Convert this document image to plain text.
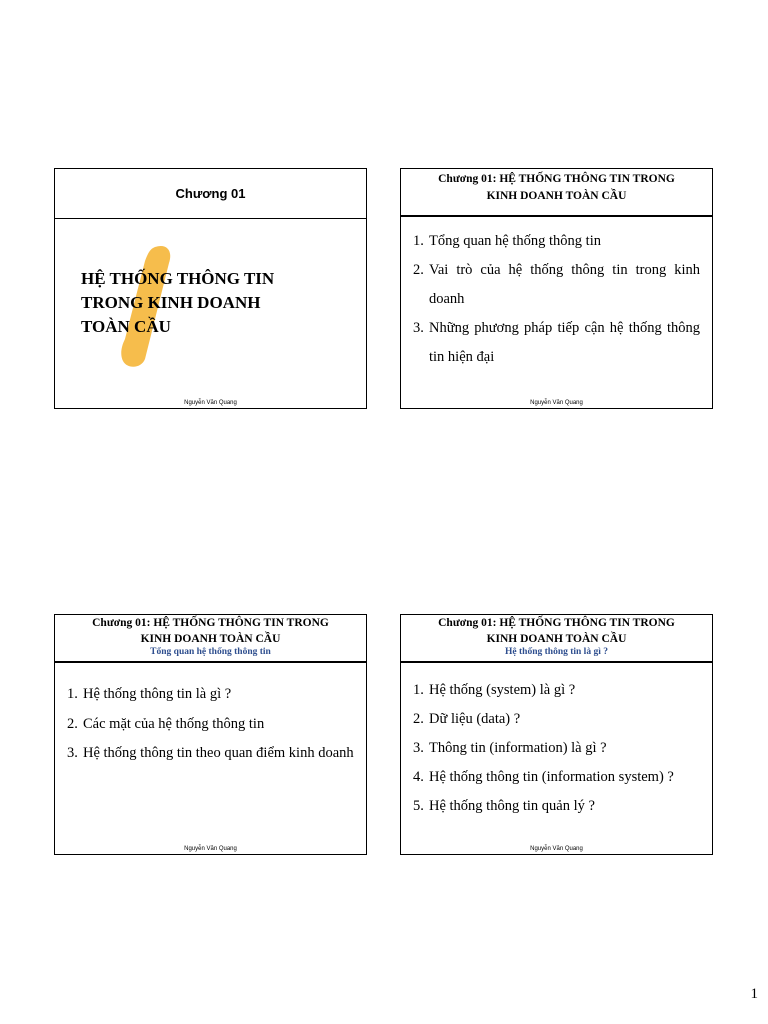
Chương 01
HỆ THỐNG THÔNG TIN
TRONG KINH DOANH
TOÀN CẦU
Nguyễn Văn Quang
Chương 01: HỆ THỐNG THÔNG TIN TRONG
KINH DOANH TOÀN CẦU
1. Tổng quan hệ thống thông tin
2. Vai trò của hệ thống thông tin trong kinh doanh
3. Những phương pháp tiếp cận hệ thống thông tin hiện đại
Nguyễn Văn Quang
Chương 01: HỆ THỐNG THÔNG TIN TRONG
KINH DOANH TOÀN CẦU
Tổng quan hệ thống thông tin
1. Hệ thống thông tin là gì ?
2. Các mặt của hệ thống thông tin
3. Hệ thống thông tin theo quan điểm kinh doanh
Nguyễn Văn Quang
Chương 01: HỆ THỐNG THÔNG TIN TRONG
KINH DOANH TOÀN CẦU
Hệ thống thông tin là gì ?
1. Hệ thống (system) là gì ?
2. Dữ liệu (data) ?
3. Thông tin (information) là gì ?
4. Hệ thống thông tin (information system) ?
5. Hệ thống thông tin quản lý ?
Nguyễn Văn Quang
1
